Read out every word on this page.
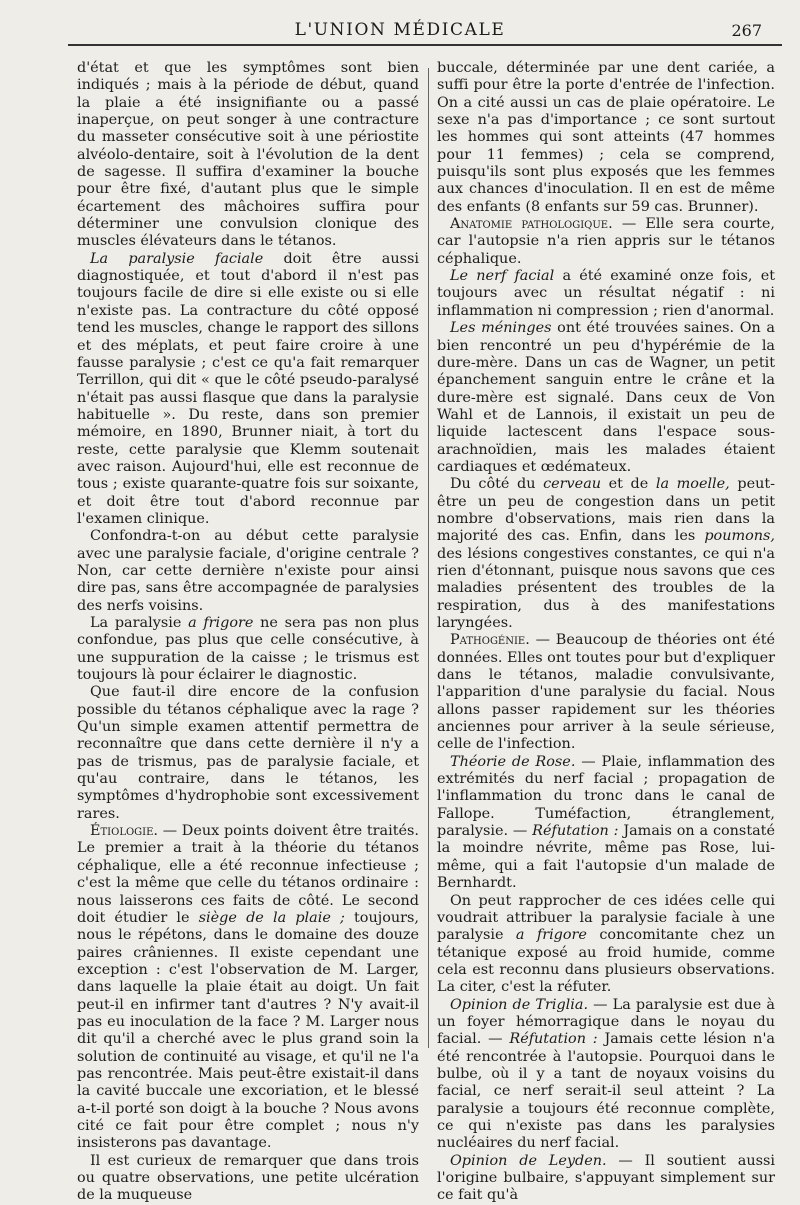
L'UNION MÉDICALE	267

d'état et que les symptômes sont bien indiqués ; mais à la période de début, quand la plaie a été insignifiante ou a passé inaperçue, on peut songer à une contracture du masseter consécutive soit à une périostite alvéolo-dentaire, soit à l'évolution de la dent de sagesse. Il suffira d'examiner la bouche pour être fixé, d'autant plus que le simple écartement des mâchoires suffira pour déterminer une convulsion clonique des muscles élévateurs dans le tétanos.

La paralysie faciale doit être aussi diagnostiquée, et tout d'abord il n'est pas toujours facile de dire si elle existe ou si elle n'existe pas. La contracture du côté opposé tend les muscles, change le rapport des sillons et des méplats, et peut faire croire à une fausse paralysie ; c'est ce qu'a fait remarquer Terrillon, qui dit « que le côté pseudo-paralysé n'était pas aussi flasque que dans la paralysie habituelle ». Du reste, dans son premier mémoire, en 1890, Brunner niait, à tort du reste, cette paralysie que Klemm soutenait avec raison. Aujourd'hui, elle est reconnue de tous ; existe quarante-quatre fois sur soixante, et doit être tout d'abord reconnue par l'examen clinique.

Confondra-t-on au début cette paralysie avec une paralysie faciale, d'origine centrale ? Non, car cette dernière n'existe pour ainsi dire pas, sans être accompagnée de paralysies des nerfs voisins.

La paralysie a frigore ne sera pas non plus confondue, pas plus que celle consécutive, à une suppuration de la caisse ; le trismus est toujours là pour éclairer le diagnostic.

Que faut-il dire encore de la confusion possible du tétanos céphalique avec la rage ? Qu'un simple examen attentif permettra de reconnaître que dans cette dernière il n'y a pas de trismus, pas de paralysie faciale, et qu'au contraire, dans le tétanos, les symptômes d'hydrophobie sont excessivement rares.

Étiologie. — Deux points doivent être traités. Le premier a trait à la théorie du tétanos céphalique, elle a été reconnue infectieuse ; c'est la même que celle du tétanos ordinaire : nous laisserons ces faits de côté. Le second doit étudier le siège de la plaie ; toujours, nous le répétons, dans le domaine des douze paires crâniennes. Il existe cependant une exception : c'est l'observation de M. Larger, dans laquelle la plaie était au doigt. Un fait peut-il en infirmer tant d'autres ? N'y avait-il pas eu inoculation de la face ? M. Larger nous dit qu'il a cherché avec le plus grand soin la solution de continuité au visage, et qu'il ne l'a pas rencontrée. Mais peut-être existait-il dans la cavité buccale une excoriation, et le blessé a-t-il porté son doigt à la bouche ? Nous avons cité ce fait pour être complet ; nous n'y insisterons pas davantage.

Il est curieux de remarquer que dans trois ou quatre observations, une petite ulcération de la muqueuse

buccale, déterminée par une dent cariée, a suffi pour être la porte d'entrée de l'infection. On a cité aussi un cas de plaie opératoire. Le sexe n'a pas d'importance ; ce sont surtout les hommes qui sont atteints (47 hommes pour 11 femmes) ; cela se comprend, puisqu'ils sont plus exposés que les femmes aux chances d'inoculation. Il en est de même des enfants (8 enfants sur 59 cas. Brunner).

Anatomie pathologique. — Elle sera courte, car l'autopsie n'a rien appris sur le tétanos céphalique.

Le nerf facial a été examiné onze fois, et toujours avec un résultat négatif : ni inflammation ni compression ; rien d'anormal.

Les méninges ont été trouvées saines. On a bien rencontré un peu d'hypérémie de la dure-mère. Dans un cas de Wagner, un petit épanchement sanguin entre le crâne et la dure-mère est signalé. Dans ceux de Von Wahl et de Lannois, il existait un peu de liquide lactescent dans l'espace sous-arachnoïdien, mais les malades étaient cardiaques et œdémateux.

Du côté du cerveau et de la moelle, peut-être un peu de congestion dans un petit nombre d'observations, mais rien dans la majorité des cas. Enfin, dans les poumons, des lésions congestives constantes, ce qui n'a rien d'étonnant, puisque nous savons que ces maladies présentent des troubles de la respiration, dus à des manifestations laryngées.

Pathogénie. — Beaucoup de théories ont été données. Elles ont toutes pour but d'expliquer dans le tétanos, maladie convulsivante, l'apparition d'une paralysie du facial. Nous allons passer rapidement sur les théories anciennes pour arriver à la seule sérieuse, celle de l'infection.

Théorie de Rose. — Plaie, inflammation des extrémités du nerf facial ; propagation de l'inflammation du tronc dans le canal de Fallope. Tuméfaction, étranglement, paralysie. — Réfutation : Jamais on a constaté la moindre névrite, même pas Rose, lui-même, qui a fait l'autopsie d'un malade de Bernhardt.

On peut rapprocher de ces idées celle qui voudrait attribuer la paralysie faciale à une paralysie a frigore concomitante chez un tétanique exposé au froid humide, comme cela est reconnu dans plusieurs observations. La citer, c'est la réfuter.

Opinion de Triglia. — La paralysie est due à un foyer hémorragique dans le noyau du facial. — Réfutation : Jamais cette lésion n'a été rencontrée à l'autopsie. Pourquoi dans le bulbe, où il y a tant de noyaux voisins du facial, ce nerf serait-il seul atteint ? La paralysie a toujours été reconnue complète, ce qui n'existe pas dans les paralysies nucléaires du nerf facial.

Opinion de Leyden. — Il soutient aussi l'origine bulbaire, s'appuyant simplement sur ce fait qu'à
